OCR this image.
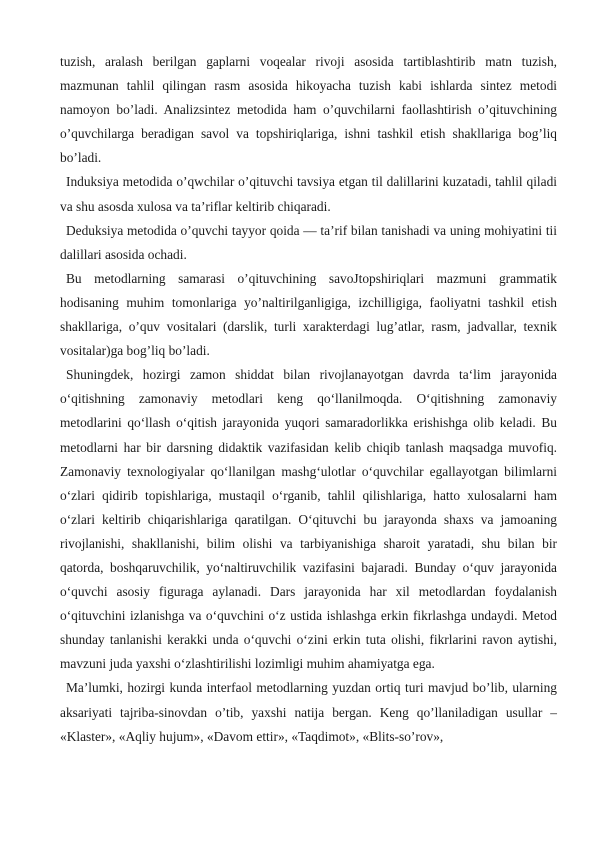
tuzish, aralash berilgan gaplarni voqealar rivoji asosida tartiblashtirib matn tuzish, mazmunan tahlil qilingan rasm asosida hikoyacha tuzish kabi ishlarda sintez metodi namoyon bo’ladi. Analizsintez metodida ham o’quvchilarni faollashtirish o’qituvchining o’quvchilarga beradigan savol va topshiriqlariga, ishni tashkil etish shakllariga bog’liq bo’ladi.

Induksiya metodida o’qwchilar o’qituvchi tavsiya etgan til dalillarini kuzatadi, tahlil qiladi va shu asosda xulosa va ta’riflar keltirib chiqaradi.

Deduksiya metodida o’quvchi tayyor qoida — ta’rif bilan tanishadi va uning mohiyatini tii dalillari asosida ochadi.

Bu metodlarning samarasi o’qituvchining savoJtopshiriqlari mazmuni grammatik hodisaning muhim tomonlariga yo’naltirilganligiga, izchilligiga, faoliyatni tashkil etish shakllariga, o’quv vositalari (darslik, turli xarakterdagi lug’atlar, rasm, jadvallar, texnik vositalar)ga bog’liq bo’ladi.

Shuningdek, hozirgi zamon shiddat bilan rivojlanayotgan davrda ta‘lim jarayonida o‘qitishning zamonaviy metodlari keng qo‘llanilmoqda. O‘qitishning zamonaviy metodlarini qo‘llash o‘qitish jarayonida yuqori samaradorlikka erishishga olib keladi. Bu metodlarni har bir darsning didaktik vazifasidan kelib chiqib tanlash maqsadga muvofiq. Zamonaviy texnologiyalar qo‘llanilgan mashg‘ulotlar o‘quvchilar egallayotgan bilimlarni o‘zlari qidirib topishlariga, mustaqil o‘rganib, tahlil qilishlariga, hatto xulosalarni ham o‘zlari keltirib chiqarishlariga qaratilgan. O‘qituvchi bu jarayonda shaxs va jamoaning rivojlanishi, shakllanishi, bilim olishi va tarbiyanishiga sharoit yaratadi, shu bilan bir qatorda, boshqaruvchilik, yo‘naltiruvchilik vazifasini bajaradi. Bunday o‘quv jarayonida o‘quvchi asosiy figuraga aylanadi. Dars jarayonida har xil metodlardan foydalanish o‘qituvchini izlanishga va o‘quvchini o‘z ustida ishlashga erkin fikrlashga undaydi. Metod shunday tanlanishi kerakki unda o‘quvchi o‘zini erkin tuta olishi, fikrlarini ravon aytishi, mavzuni juda yaxshi o‘zlashtirilishi lozimligi muhim ahamiyatga ega.

Ma’lumki, hozirgi kunda interfaol metodlarning yuzdan ortiq turi mavjud bo’lib, ularning aksariyati tajriba-sinovdan o’tib, yaxshi natija bergan. Keng qo’llaniladigan usullar – «Klaster», «Aqliy hujum», «Davom ettir», «Taqdimot», «Blits-so’rov»,
